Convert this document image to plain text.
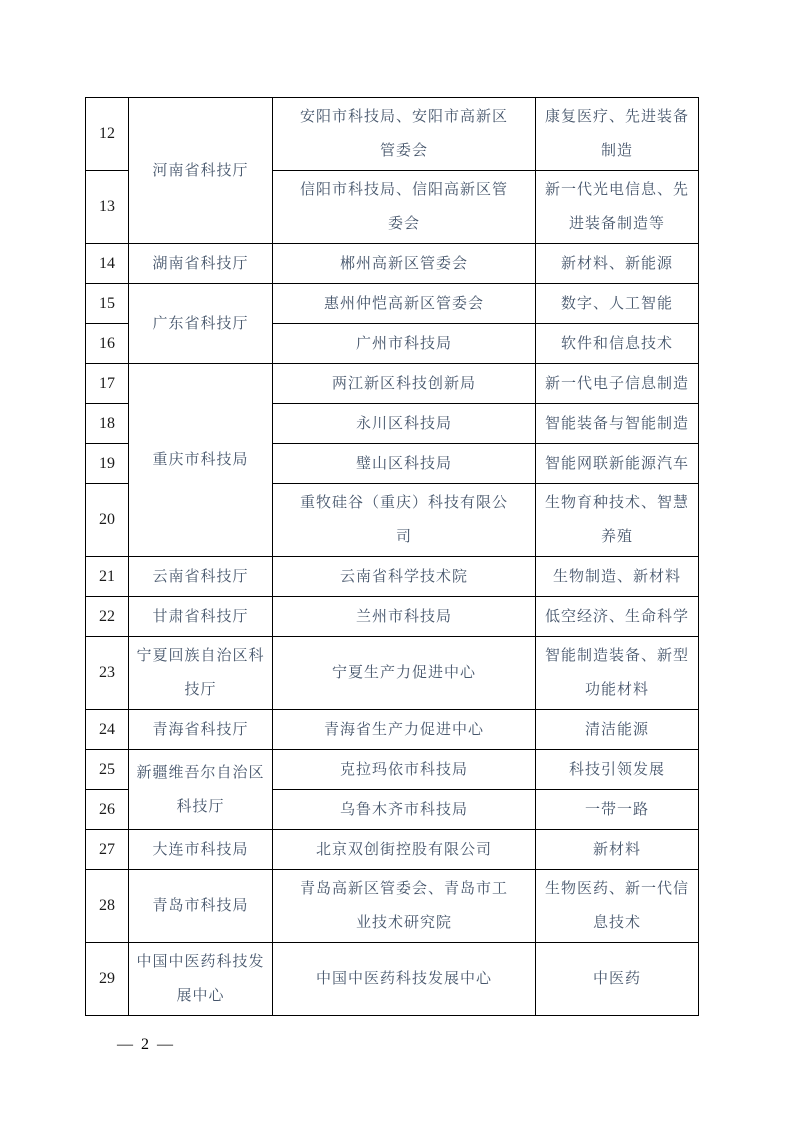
12	河南省科技厅	安阳市科技局、安阳市高新区管委会	康复医疗、先进装备制造
13		信阳市科技局、信阳高新区管委会	新一代光电信息、先进装备制造等
14	湖南省科技厅	郴州高新区管委会	新材料、新能源
15	广东省科技厅	惠州仲恺高新区管委会	数字、人工智能
16		广州市科技局	软件和信息技术
17	重庆市科技局	两江新区科技创新局	新一代电子信息制造
18		永川区科技局	智能装备与智能制造
19		璧山区科技局	智能网联新能源汽车
20		重牧硅谷（重庆）科技有限公司	生物育种技术、智慧养殖
21	云南省科技厅	云南省科学技术院	生物制造、新材料
22	甘肃省科技厅	兰州市科技局	低空经济、生命科学
23	宁夏回族自治区科技厅	宁夏生产力促进中心	智能制造装备、新型功能材料
24	青海省科技厅	青海省生产力促进中心	清洁能源
25	新疆维吾尔自治区科技厅	克拉玛依市科技局	科技引领发展
26		乌鲁木齐市科技局	一带一路
27	大连市科技局	北京双创街控股有限公司	新材料
28	青岛市科技局	青岛高新区管委会、青岛市工业技术研究院	生物医药、新一代信息技术
29	中国中医药科技发展中心	中国中医药科技发展中心	中医药
— 2 —
